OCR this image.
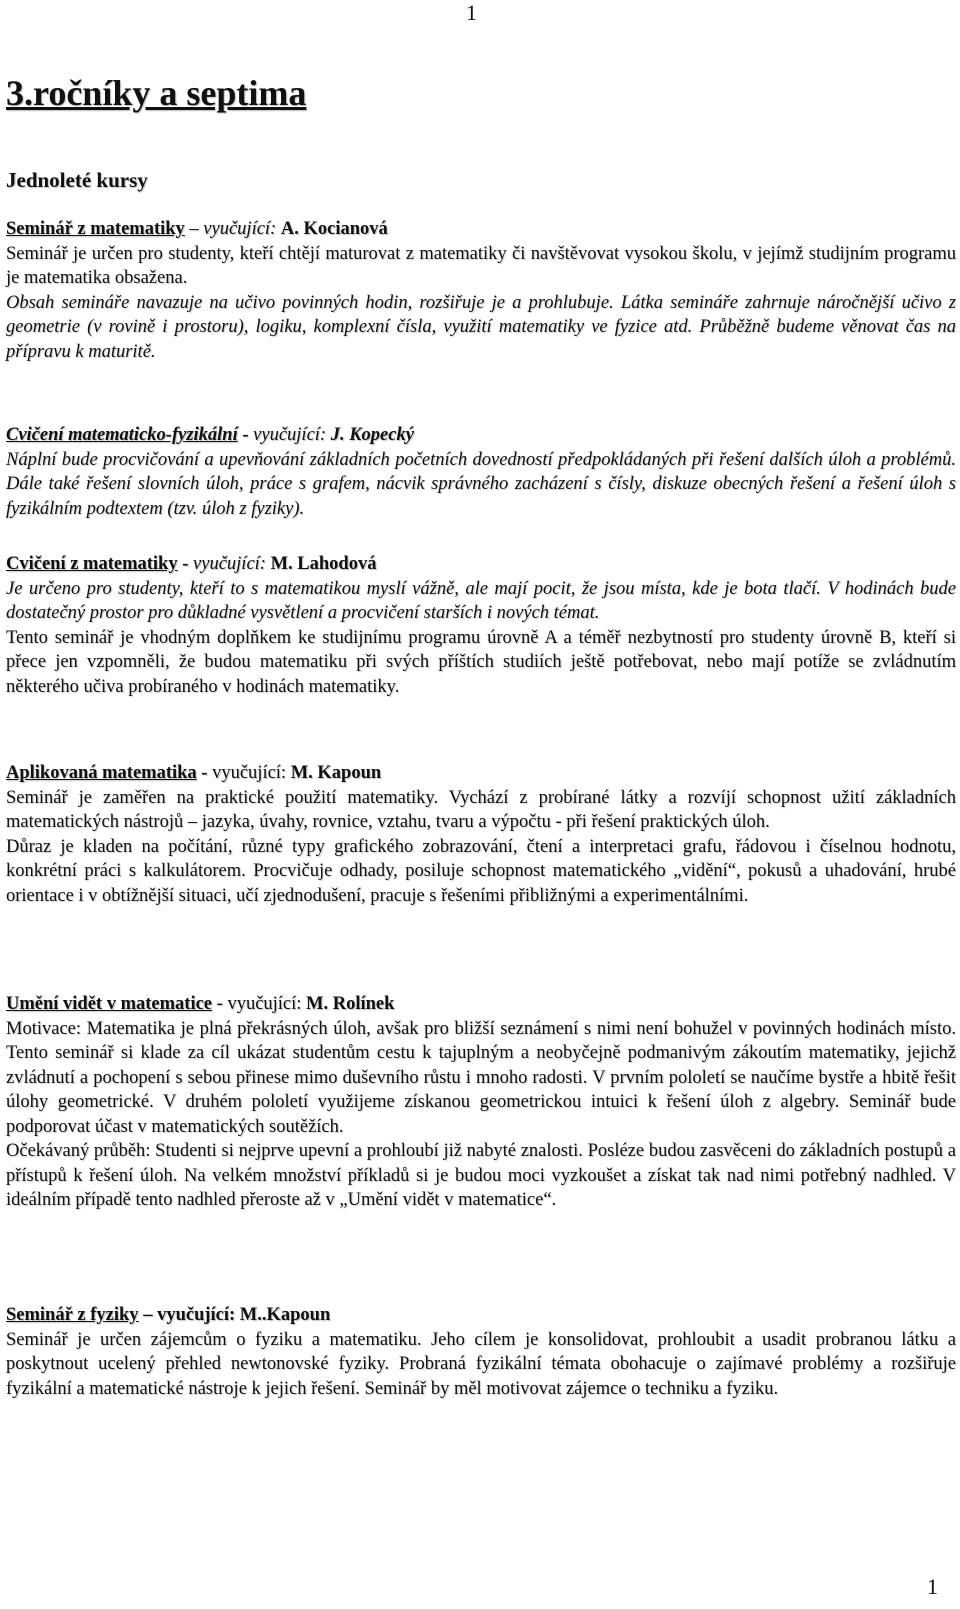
1
3.ročníky a septima
Jednoleté kursy
Seminář z matematiky – vyučující: A. Kocianová

Seminář je určen pro studenty, kteří chtějí maturovat z matematiky či navštěvovat vysokou školu, v jejímž studijním programu je matematika obsažena.

Obsah semináře navazuje na učivo povinných hodin, rozšiřuje je a prohlubuje. Látka semináře zahrnuje náročnější učivo z geometrie (v rovině i prostoru), logiku, komplexní čísla, využití matematiky ve fyzice atd. Průběžně budeme věnovat čas na přípravu k maturitě.

Cvičení matematicko-fyzikální - vyučující: J. Kopecký

Náplní bude procvičování a upevňování základních početních dovedností předpokládaných při řešení dalších úloh a problémů. Dále také řešení slovních úloh, práce s grafem, nácvik správného zacházení s čísly, diskuze obecných řešení a řešení úloh s fyzikálním podtextem (tzv. úloh z fyziky).

Cvičení z matematiky - vyučující: M. Lahodová

Je určeno pro studenty, kteří to s matematikou myslí vážně, ale mají pocit, že jsou místa, kde je bota tlačí. V hodinách bude dostatečný prostor pro důkladné vysvětlení a procvičení starších i nových témat.

Tento seminář je vhodným doplňkem ke studijnímu programu úrovně A a téměř nezbytností pro studenty úrovně B, kteří si přece jen vzpomněli, že budou matematiku při svých příštích studiích ještě potřebovat, nebo mají potíže se zvládnutím některého učiva probíraného v hodinách matematiky.

Aplikovaná matematika - vyučující: M. Kapoun

Seminář je zaměřen na praktické použití matematiky. Vychází z probírané látky a rozvíjí schopnost užití základních matematických nástrojů – jazyka, úvahy, rovnice, vztahu, tvaru a výpočtu - při řešení praktických úloh.

Důraz je kladen na počítání, různé typy grafického zobrazování, čtení a interpretaci grafu, řádovou i číselnou hodnotu, konkrétní práci s kalkulátorem. Procvičuje odhady, posiluje schopnost matematického „vidění“, pokusů a uhadování, hrubé orientace i v obtížnější situaci, učí zjednodušení, pracuje s řešeními přibližnými a experimentálními.

Umění vidět v matematice - vyučující: M. Rolínek

Motivace: Matematika je plná překrásných úloh, avšak pro bližší seznámení s nimi není bohužel v povinných hodinách místo. Tento seminář si klade za cíl ukázat studentům cestu k tajuplným a neobyčejně podmanivým zákoutím matematiky, jejichž zvládnutí a pochopení s sebou přinese mimo duševního růstu i mnoho radosti. V prvním pololetí se naučíme bystře a hbitě řešit úlohy geometrické. V druhém pololetí využijeme získanou geometrickou intuici k řešení úloh z algebry. Seminář bude podporovat účast v matematických soutěžích.

Očekávaný průběh: Studenti si nejprve upevní a prohloubí již nabyté znalosti. Posléze budou zasvěceni do základních postupů a přístupů k řešení úloh. Na velkém množství příkladů si je budou moci vyzkoušet a získat tak nad nimi potřebný nadhled. V ideálním případě tento nadhled přeroste až v „Umění vidět v matematice“.

Seminář z fyziky – vyučující: M..Kapoun

Seminář je určen zájemcům o fyziku a matematiku. Jeho cílem je konsolidovat, prohloubit a usadit probranou látku a poskytnout ucelený přehled newtonovské fyziky. Probraná fyzikální témata obohacuje o zajímavé problémy a rozšiřuje fyzikální a matematické nástroje k jejich řešení. Seminář by měl motivovat zájemce o techniku a fyziku.

1
